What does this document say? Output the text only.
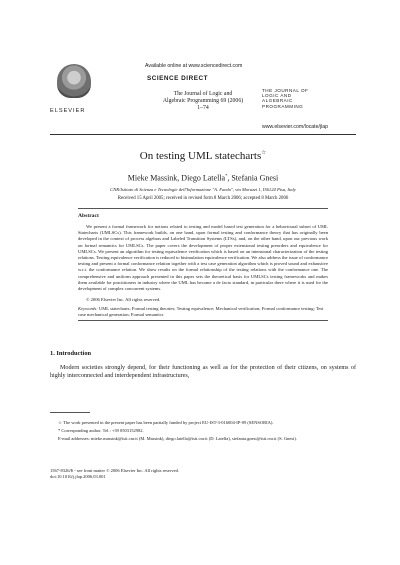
ELSEVIER
Available online at www.sciencedirect.com
SCIENCE DIRECT
The Journal of Logic and
Algebraic Programming 69 (2006) 1–74
THE JOURNAL OF
LOGIC AND
ALGEBRAIC
PROGRAMMING
www.elsevier.com/locate/jlap
On testing UML statecharts☆
Mieke Massink, Diego Latella*, Stefania Gnesi
CNR/Istituto di Scienza e Tecnologie dell'Informazione "A. Faedo", via Moruzzi 1, I56124 Pisa, Italy
Received 15 April 2005; received in revised form 8 March 2006; accepted 8 March 2006
Abstract
We present a formal framework for notions related to testing and model based test generation for a behavioural subset of UML Statecharts (UMLSCs). This framework builds, on one hand, upon formal testing and conformance theory that has originally been developed in the context of process algebras and Labeled Transition Systems (LTSs), and, on the other hand, upon our previous work on formal semantics for UMLSCs. The paper covers the development of proper extensional testing preorders and equivalence for UMLSCs. We present an algorithm for testing equivalence verification which is based on an intensional characterization of the testing relations. Testing equivalence verification is reduced to bisimulation equivalence verification. We also address the issue of conformance testing and present a formal conformance relation together with a test case generation algorithm which is proved sound and exhaustive w.r.t. the conformance relation. We show results on the formal relationship of the testing relations with the conformance one. The comprehensive and uniform approach presented in this paper sets the theoretical basis for UMLSCs testing frameworks and makes them available for practitioners in industry where the UML has become a de facto standard, in particular there where it is used for the development of complex concurrent systems.
© 2006 Elsevier Inc. All rights reserved.
Keywords: UML statecharts; Formal testing theories; Testing equivalence; Mechanical verification; Formal conformance testing; Test case mechanical generation; Formal semantics
1. Introduction
Modern societies strongly depend, for their functioning as well as for the protection of their citizens, on systems of highly interconnected and interdependent infrastructures,

☆ The work presented in the present paper has been partially funded by project EU-IST-3-016004-IP-09 (SENSORIA).

* Corresponding author. Tel.: +39 0503152982.

E-mail addresses: mieke.massink@isti.cnr.it (M. Massink), diego.latella@isti.cnr.it (D. Latella), stefania.gnesi@isti.cnr.it (S. Gnesi).

1567-8326/$ - see front matter © 2006 Elsevier Inc. All rights reserved.
doi:10.1016/j.jlap.2006.03.001
